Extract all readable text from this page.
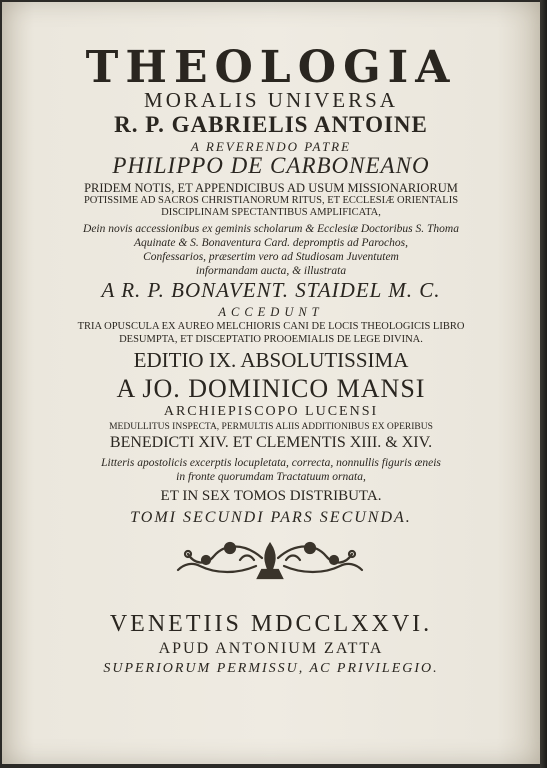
THEOLOGIA
MORALIS UNIVERSA
R. P. GABRIELIS ANTOINE
A REVERENDO PATRE
PHILIPPO DE CARBONEANO
PRIDEM NOTIS, ET APPENDICIBUS AD USUM MISSIONARIORUM
POTISSIME AD SACROS CHRISTIANORUM RITUS, ET ECCLESIÆ ORIENTALIS
DISCIPLINAM SPECTANTIBUS AMPLIFICATA,
Dein novis accessionibus ex geminis scholarum & Ecclesiæ Doctoribus S. Thoma
Aquinate & S. Bonaventura Card. depromptis ad Parochos,
Confessarios, præsertim vero ad Studiosam Juventutem
informandam aucta, & illustrata
A R. P. BONAVENT. STAIDEL M. C.
ACCEDUNT
TRIA OPUSCULA EX AUREO MELCHIORIS CANI DE LOCIS THEOLOGICIS LIBRO
DESUMPTA, ET DISCEPTATIO PROOEMIALIS DE LEGE DIVINA.
EDITIO IX. ABSOLUTISSIMA
A JO. DOMINICO MANSI
ARCHIEPISCOPO LUCENSI
MEDULLITUS INSPECTA, PERMULTIS ALIIS ADDITIONIBUS EX OPERIBUS
BENEDICTI XIV. ET CLEMENTIS XIII. & XIV.
Litteris apostolicis excerptis locupletata, correcta, nonnullis figuris æneis
in fronte quorumdam Tractatuum ornata,
ET IN SEX TOMOS DISTRIBUTA.
TOMI SECUNDI PARS SECUNDA.
VENETIIS MDCCLXXVI.
APUD ANTONIUM ZATTA
SUPERIORUM PERMISSU, AC PRIVILEGIO.
